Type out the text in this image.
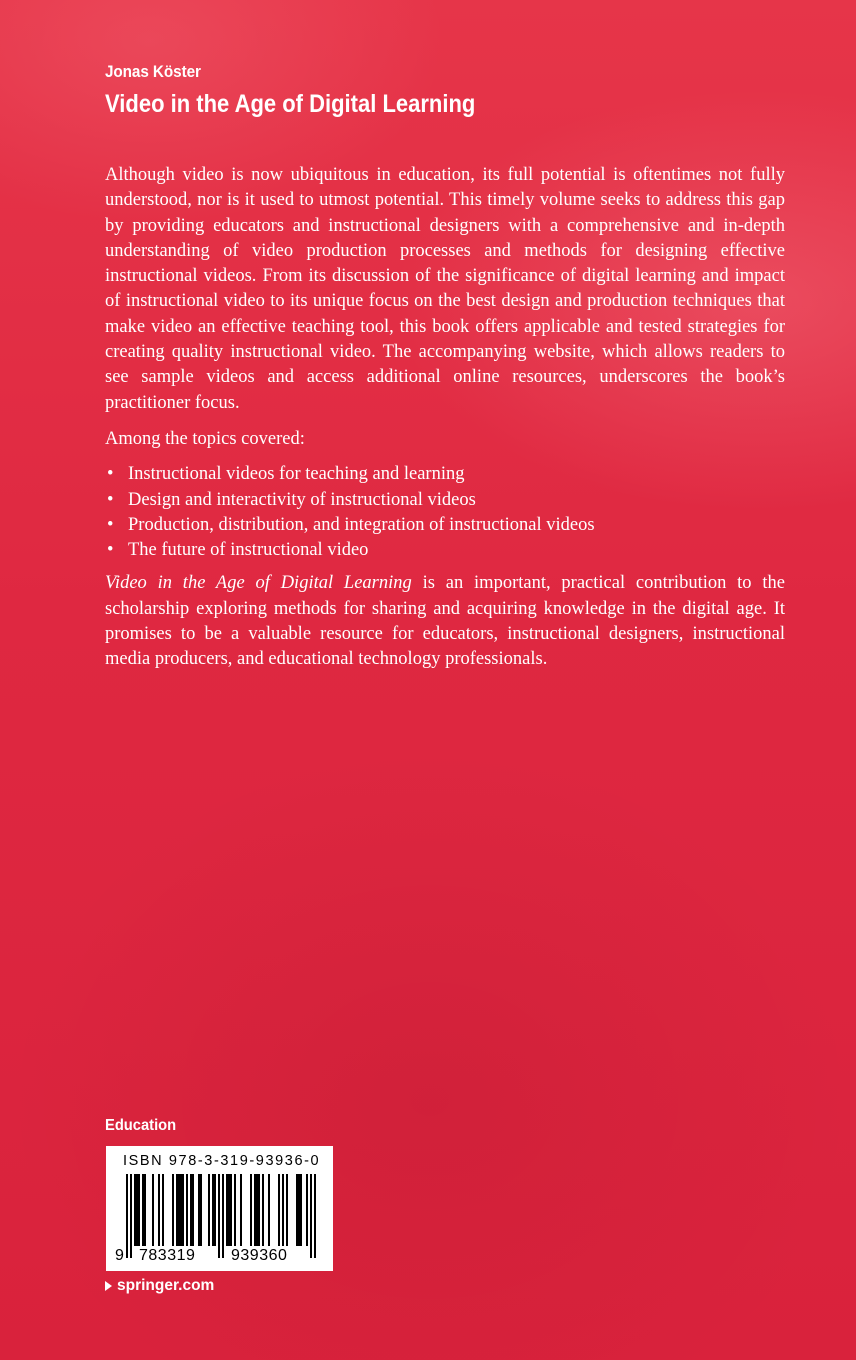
Jonas Köster

Video in the Age of Digital Learning

Although video is now ubiquitous in education, its full potential is oftentimes not fully understood, nor is it used to utmost potential. This timely volume seeks to address this gap by providing educators and instructional designers with a comprehensive and in-depth understanding of video production processes and methods for designing effective instructional videos. From its discussion of the significance of digital learning and impact of instructional video to its unique focus on the best design and production techniques that make video an effective teaching tool, this book offers applicable and tested strategies for creating quality instructional video. The accompanying website, which allows readers to see sample videos and access additional online resources, underscores the book’s practitioner focus.

Among the topics covered:

• Instructional videos for teaching and learning
• Design and interactivity of instructional videos
• Production, distribution, and integration of instructional videos
• The future of instructional video

Video in the Age of Digital Learning is an important, practical contribution to the scholarship exploring methods for sharing and acquiring knowledge in the digital age. It promises to be a valuable resource for educators, instructional designers, instructional media producers, and educational technology professionals.

Education

ISBN 978-3-319-93936-0
9 783319 939360

springer.com
